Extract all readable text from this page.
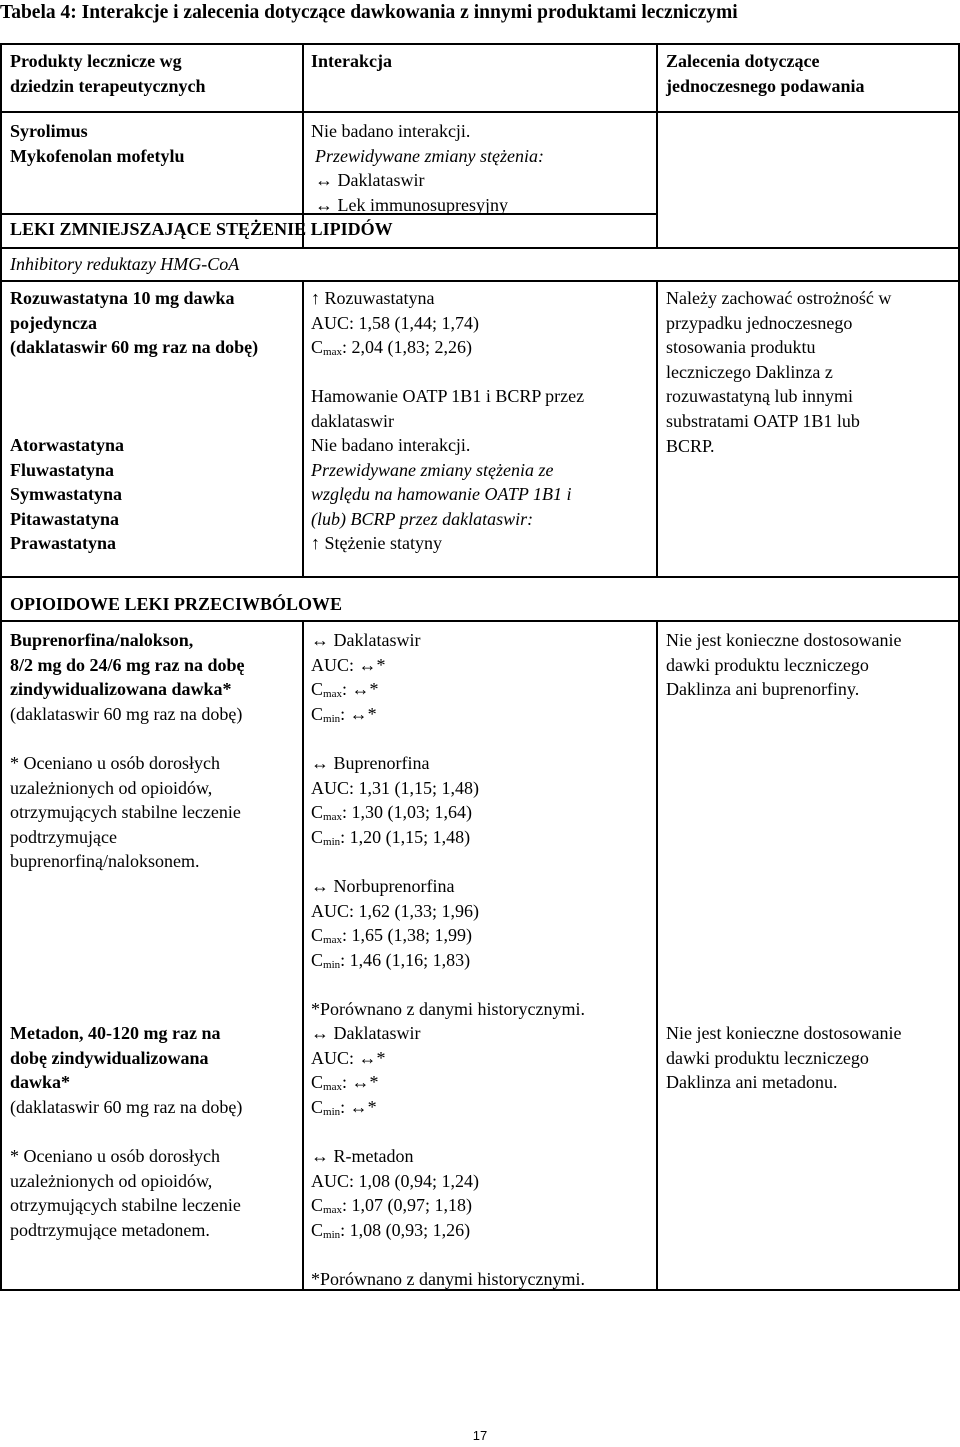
Tabela 4: Interakcje i zalecenia dotyczące dawkowania z innymi produktami leczniczymi
Produkty lecznicze wg
dziedzin terapeutycznych
Interakcja	Zalecenia dotyczące
jednoczesnego podawania
Syrolimus
Mykofenolan mofetylu
Nie badano interakcji.
Przewidywane zmiany stężenia:
↔ Daklataswir
↔ Lek immunosupresyjny
LEKI ZMNIEJSZAJĄCE STĘŻENIE LIPIDÓW
Inhibitory reduktazy HMG-CoA
Rozuwastatyna 10 mg dawka
pojedyncza
(daklataswir 60 mg raz na dobę)
↑ Rozuwastatyna
AUC: 1,58 (1,44; 1,74)
$C_{max}$: 2,04 (1,83; 2,26)
Hamowanie OATP 1B1 i BCRP przez
daklataswir
Należy zachować ostrożność w
przypadku jednoczesnego
stosowania produktu
leczniczego Daklinza z
rozuwastatyną lub innymi
substratami OATP 1B1 lub
BCRP.
Atorwastatyna
Fluwastatyna
Symwastatyna
Pitawastatyna
Prawastatyna
Nie badano interakcji.
Przewidywane zmiany stężenia ze
względu na hamowanie OATP 1B1 i
(lub) BCRP przez daklataswir:
↑ Stężenie statyny
OPIOIDOWE LEKI PRZECIWBÓLOWE
Buprenorfina/nalokson,
8/2 mg do 24/6 mg raz na dobę
zindywidualizowana dawka*
(daklataswir 60 mg raz na dobę)
* Oceniano u osób dorosłych
uzależnionych od opioidów,
otrzymujących stabilne leczenie
podtrzymujące
buprenorfiną/naloksonem.
↔ Daklataswir
AUC: ↔*
$C_{max}$: ↔*
$C_{min}$: ↔*
↔ Buprenorfina
AUC: 1,31 (1,15; 1,48)
$C_{max}$: 1,30 (1,03; 1,64)
$C_{min}$: 1,20 (1,15; 1,48)
↔ Norbuprenorfina
AUC: 1,62 (1,33; 1,96)
$C_{max}$: 1,65 (1,38; 1,99)
$C_{min}$: 1,46 (1,16; 1,83)
*Porównano z danymi historycznymi.
Nie jest konieczne dostosowanie
dawki produktu leczniczego
Daklinza ani buprenorfiny.
Metadon, 40-120 mg raz na
dobę zindywidualizowana
dawka*
(daklataswir 60 mg raz na dobę)
* Oceniano u osób dorosłych
uzależnionych od opioidów,
otrzymujących stabilne leczenie
podtrzymujące metadonem.
↔ Daklataswir
AUC: ↔*
$C_{max}$: ↔*
$C_{min}$: ↔*
↔ R-metadon
AUC: 1,08 (0,94; 1,24)
$C_{max}$: 1,07 (0,97; 1,18)
$C_{min}$: 1,08 (0,93; 1,26)
*Porównano z danymi historycznymi.
Nie jest konieczne dostosowanie
dawki produktu leczniczego
Daklinza ani metadonu.
17
